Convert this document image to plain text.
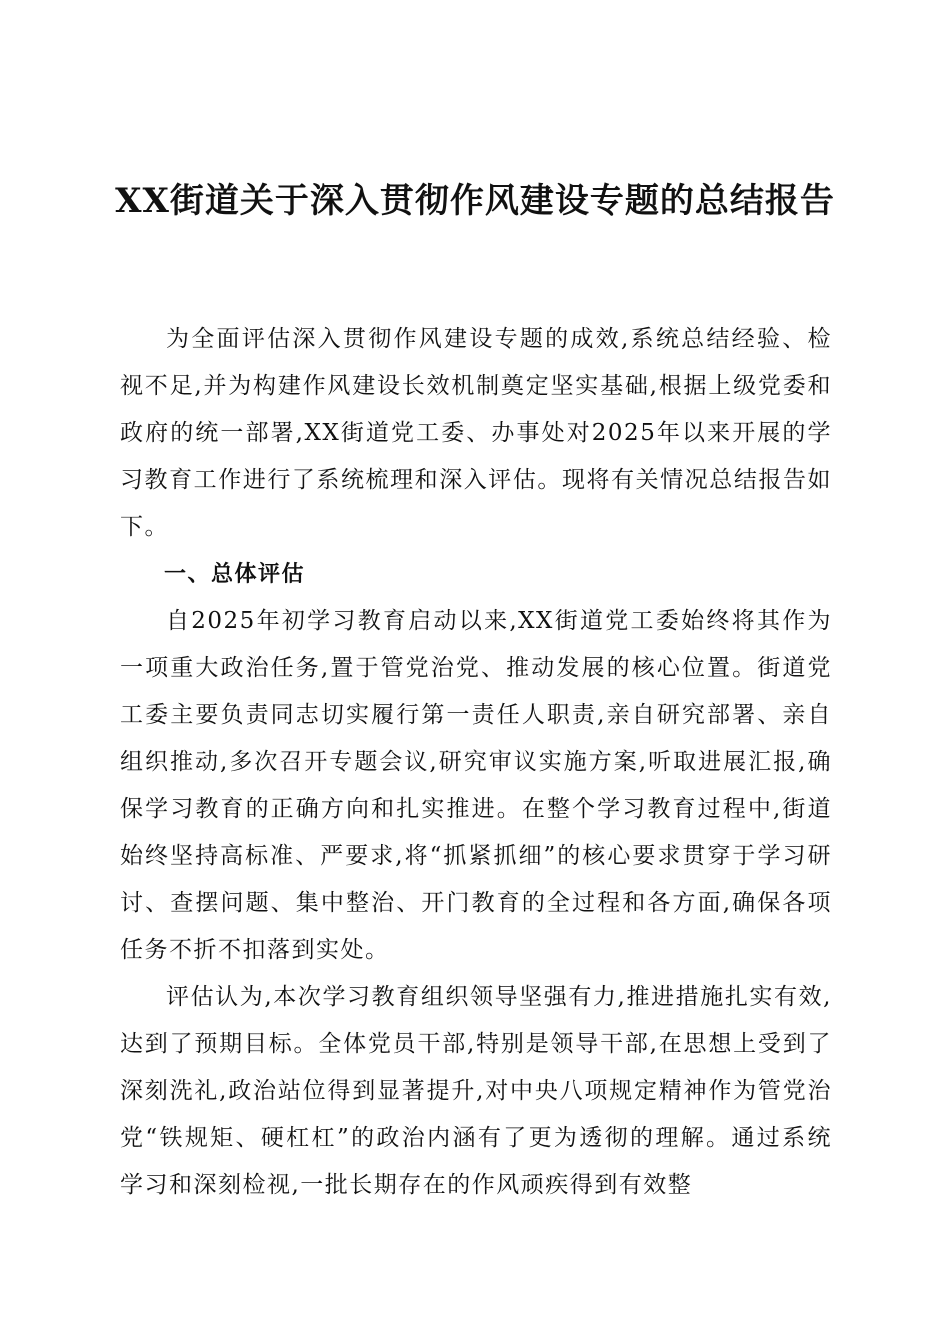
XX街道关于深入贯彻作风建设专题的总结报告

为全面评估深入贯彻作风建设专题的成效,系统总结经验、检视不足,并为构建作风建设长效机制奠定坚实基础,根据上级党委和政府的统一部署,XX街道党工委、办事处对2025年以来开展的学习教育工作进行了系统梳理和深入评估。现将有关情况总结报告如下。

一、总体评估

自2025年初学习教育启动以来,XX街道党工委始终将其作为一项重大政治任务,置于管党治党、推动发展的核心位置。街道党工委主要负责同志切实履行第一责任人职责,亲自研究部署、亲自组织推动,多次召开专题会议,研究审议实施方案,听取进展汇报,确保学习教育的正确方向和扎实推进。在整个学习教育过程中,街道始终坚持高标准、严要求,将“抓紧抓细”的核心要求贯穿于学习研讨、查摆问题、集中整治、开门教育的全过程和各方面,确保各项任务不折不扣落到实处。

评估认为,本次学习教育组织领导坚强有力,推进措施扎实有效,达到了预期目标。全体党员干部,特别是领导干部,在思想上受到了深刻洗礼,政治站位得到显著提升,对中央八项规定精神作为管党治党“铁规矩、硬杠杠”的政治内涵有了更为透彻的理解。通过系统学习和深刻检视,一批长期存在的作风顽疾得到有效整
